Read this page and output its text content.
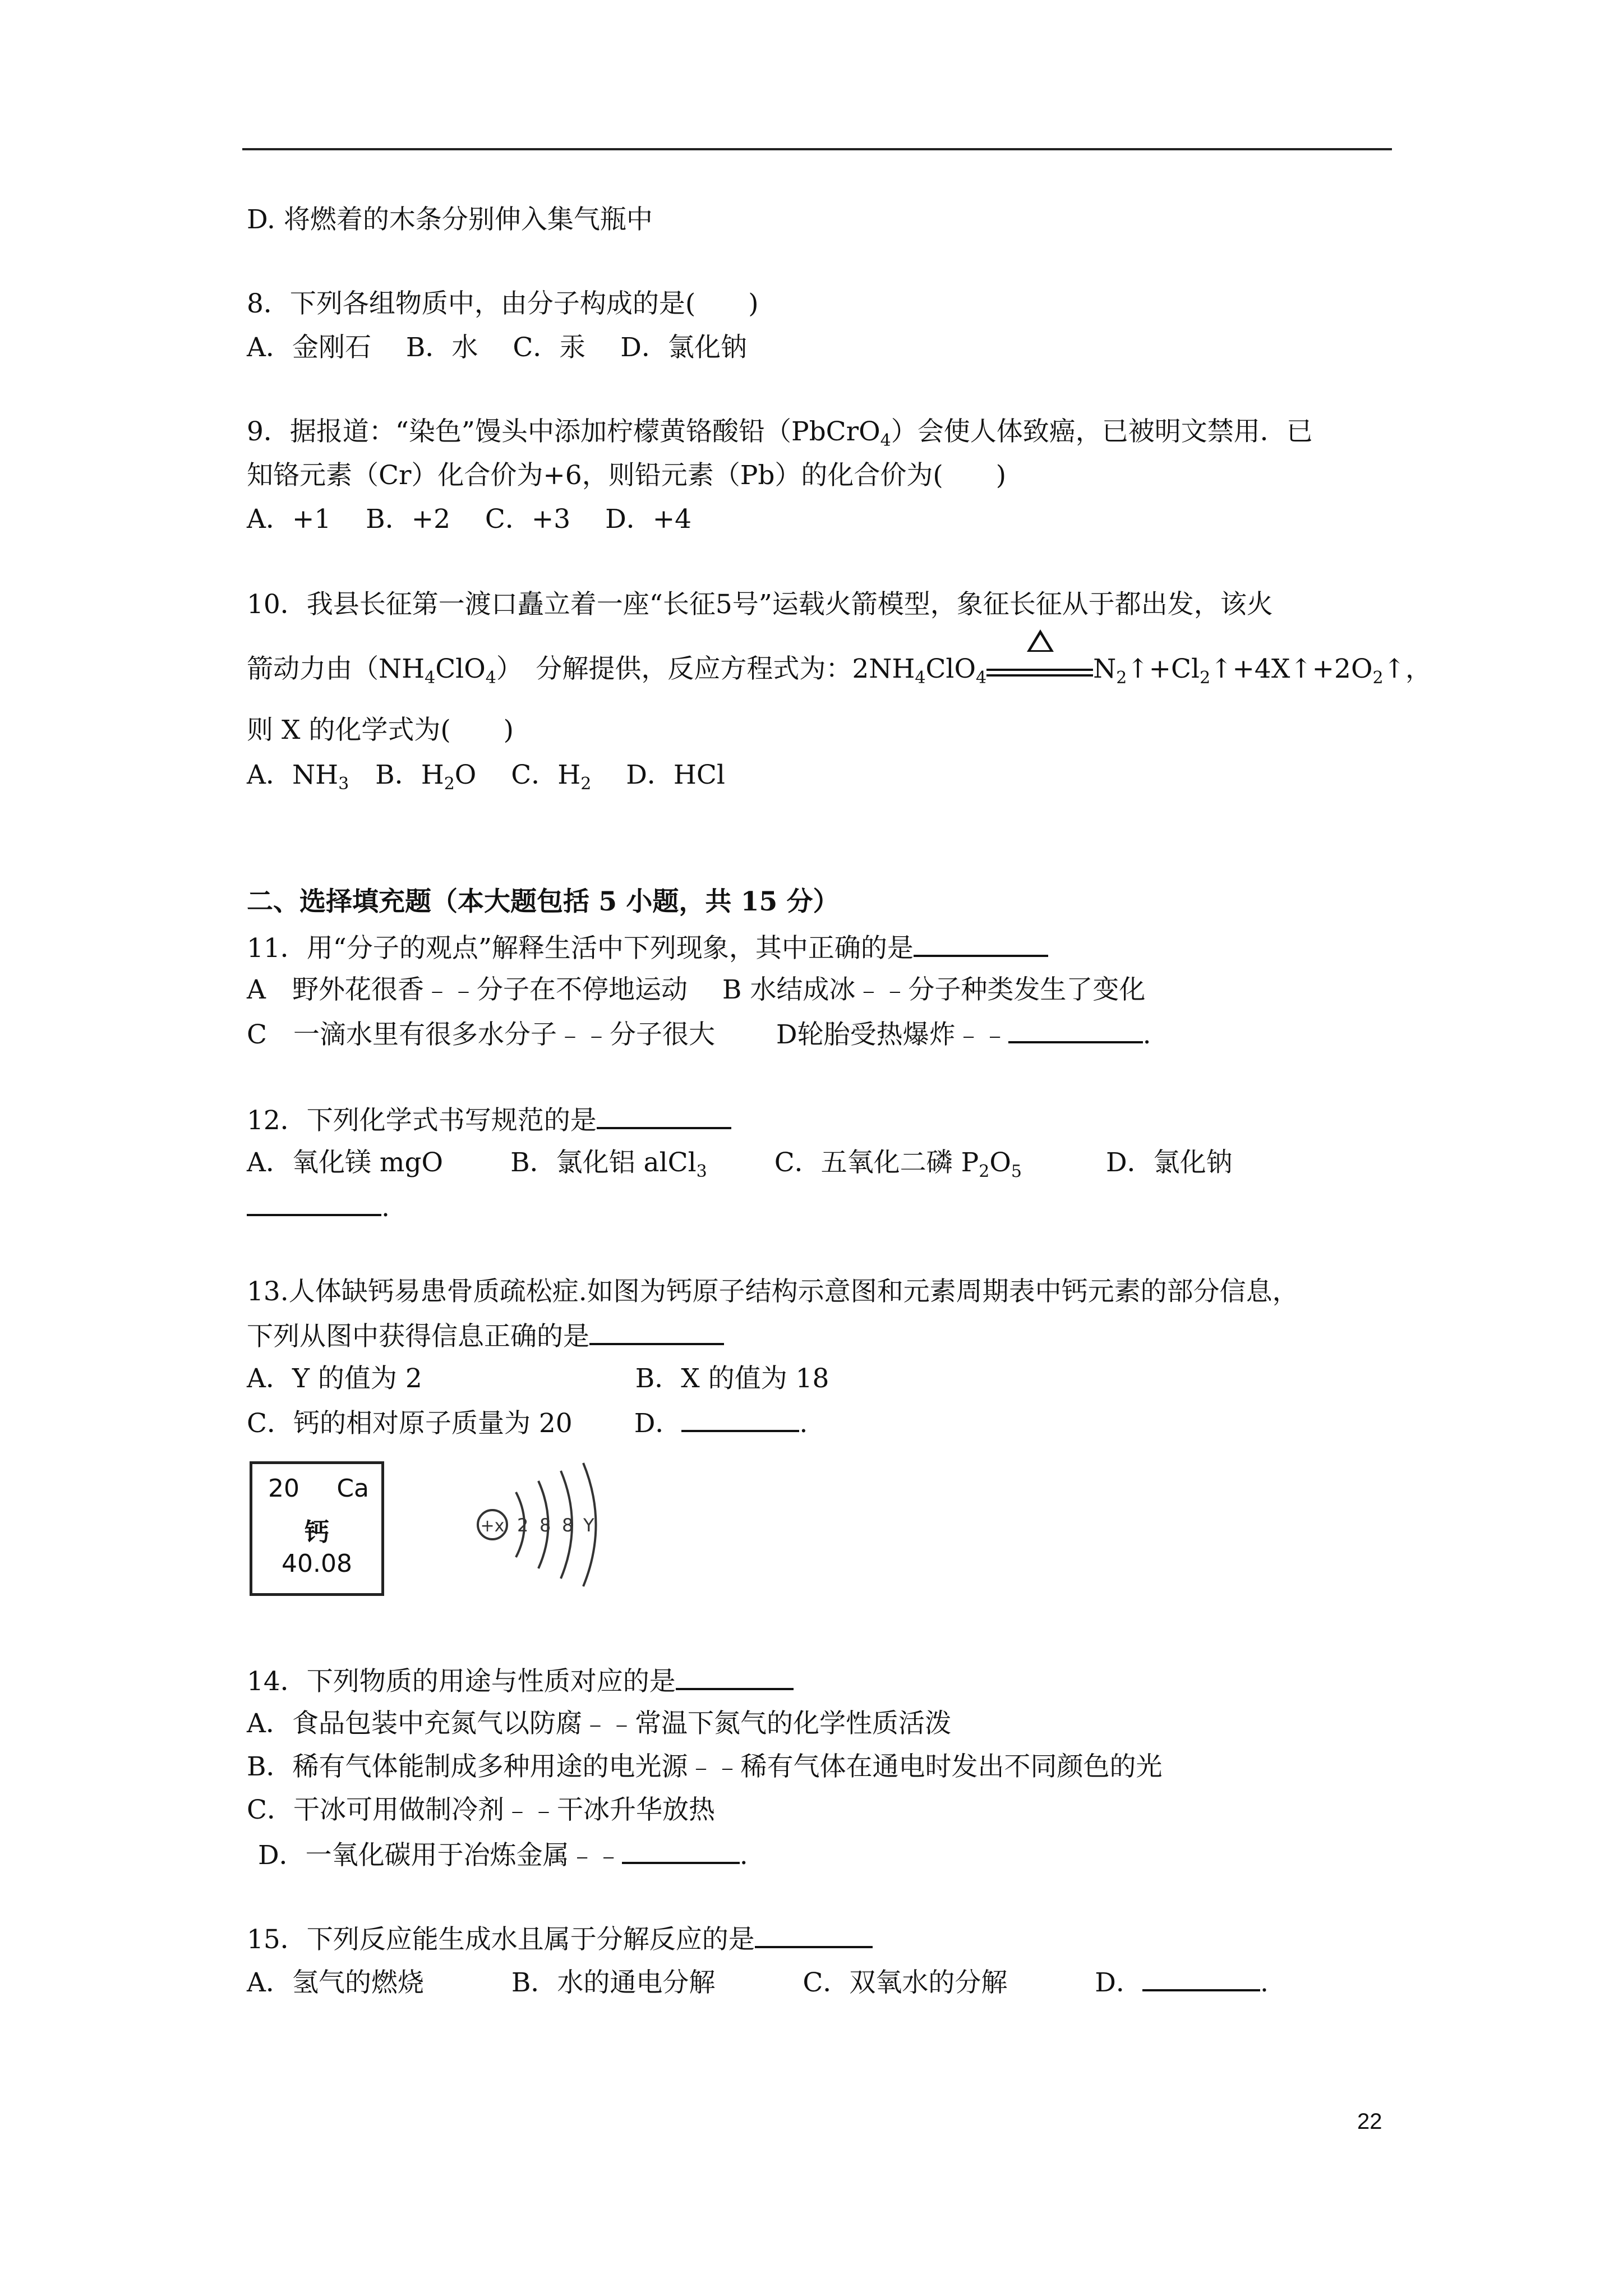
D. 将燃着的木条分别伸入集气瓶中
8．下列各组物质中，由分子构成的是(　　)
A．金刚石　 B．水　 C．汞　 D．氯化钠
9．据报道：“染色”馒头中添加柠檬黄铬酸铅（PbCrO$_4$）会使人体致癌，已被明文禁用．已
知铬元素（Cr）化合价为+6，则铅元素（Pb）的化合价为(　　)
A．+1　 B．+2　 C．+3　 D．+4
10．我县长征第一渡口矗立着一座“长征5号”运载火箭模型，象征长征从于都出发，该火
箭动力由$(NH_4ClO_4)$　分解提供，反应方程式为：$2NH_4ClO_4$	$N_2↑+Cl_2↑+4X↑+2O_2↑$，
则 X 的化学式为(　　)
A．$NH_3$　B．$H_2O$　 C．$H_2$　 D．HCl
二、选择填充题（本大题包括 5 小题，共 15 分）
11．用“分子的观点”解释生活中下列现象，其中正确的是
A　野外花很香﹣﹣分子在不停地运动　 B 水结成冰﹣﹣分子种类发生了变化
C　一滴水里有很多水分子﹣﹣分子很大　　 D轮胎受热爆炸﹣﹣	.
12．下列化学式书写规范的是
A．氧化镁 mgO	B．氯化铝 alCl$_3$	C．五氧化二磷 $P_2O_5$	D．氯化钠
.
13.人体缺钙易患骨质疏松症.如图为钙原子结构示意图和元素周期表中钙元素的部分信息，
下列从图中获得信息正确的是
A．Y 的值为 2	B．X 的值为 18
C．钙的相对原子质量为 20 D．	.
20 Ca
钙
40.08
+x 2 8 8 Y
14．下列物质的用途与性质对应的是
A．食品包装中充氮气以防腐﹣﹣常温下氮气的化学性质活泼
B．稀有气体能制成多种用途的电光源﹣﹣稀有气体在通电时发出不同颜色的光
C．干冰可用做制冷剂﹣﹣干冰升华放热
D．一氧化碳用于冶炼金属﹣﹣	.
15．下列反应能生成水且属于分解反应的是
A．氢气的燃烧　　　 B．水的通电分解　　　 C．双氧水的分解　　　 D．	.
22
